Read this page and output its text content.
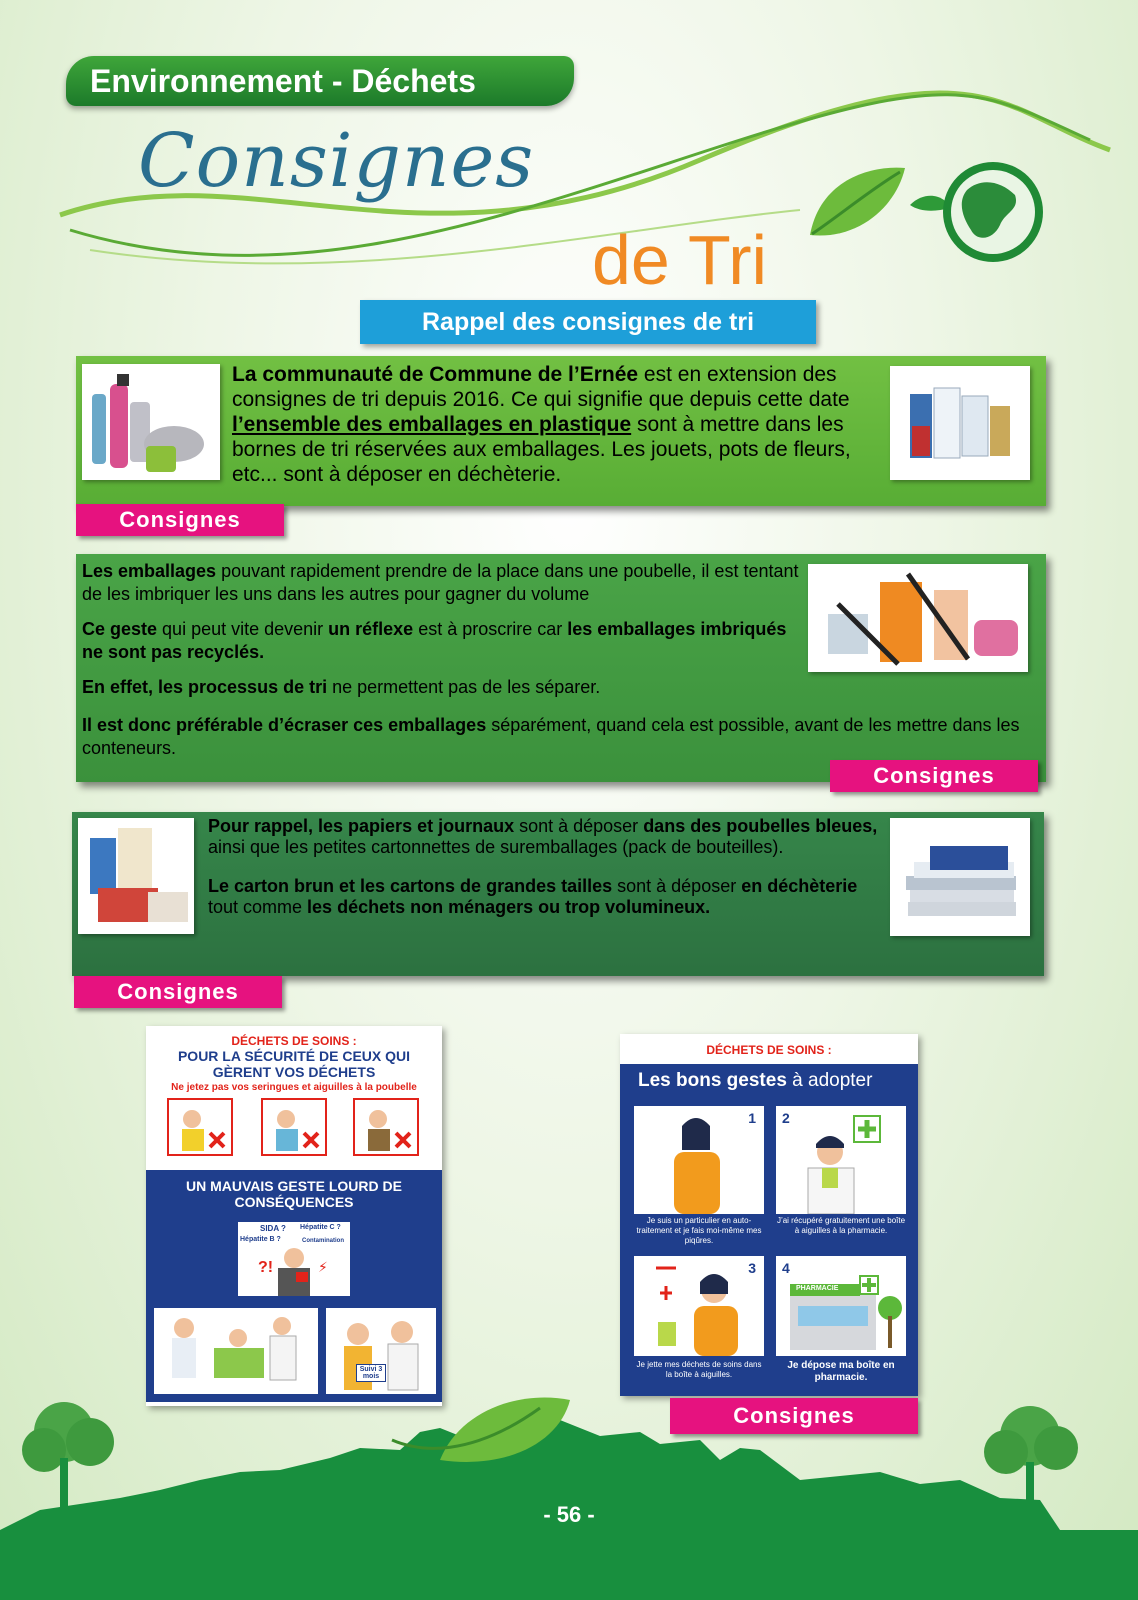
Environnement - Déchets
Consignes
de Tri
Rappel des consignes de tri
La communauté de Commune de l’Ernée est en extension des consignes de tri depuis 2016. Ce qui signifie que depuis cette date l’ensemble des emballages en plastique sont à mettre dans les bornes de tri réservées aux emballages. Les jouets, pots de fleurs, etc... sont à déposer en déchèterie.
Consignes

Les emballages pouvant rapidement prendre de la place dans une poubelle, il est tentant de les imbriquer les uns dans les autres pour gagner du volume

Ce geste qui peut vite devenir un réflexe est à proscrire car les emballages imbriqués ne sont pas recyclés.

En effet, les processus de tri ne permettent pas de les séparer.

Il est donc préférable d’écraser ces emballages séparément, quand cela est possible, avant de les mettre dans les conteneurs.

Consignes

Pour rappel, les papiers et journaux sont à déposer dans des poubelles bleues, ainsi que les petites cartonnettes de suremballages (pack de bouteilles).

Le carton brun et les cartons de grandes tailles sont à déposer en déchèterie tout comme les déchets non ménagers ou trop volumineux.

Consignes
DÉCHETS DE SOINS :
POUR LA SÉCURITÉ DE CEUX QUI GÈRENT VOS DÉCHETS
Ne jetez pas vos seringues et aiguilles à la poubelle
UN MAUVAIS GESTE LOURD DE CONSÉQUENCES
SIDA ? Hépatite C ?
Hépatite B ?	Contamination
?!	⚡
Suivi 3 mois
DÉCHETS DE SOINS :
Les bons gestes à adopter
1
Je suis un particulier en auto-traitement et je fais moi-même mes piqûres.
2
J’ai récupéré gratuitement une boîte à aiguilles à la pharmacie.
3
Je jette mes déchets de soins dans la boîte à aiguilles.
4
PHARMACIE
Je dépose ma boîte en pharmacie.
Consignes
- 56 -
